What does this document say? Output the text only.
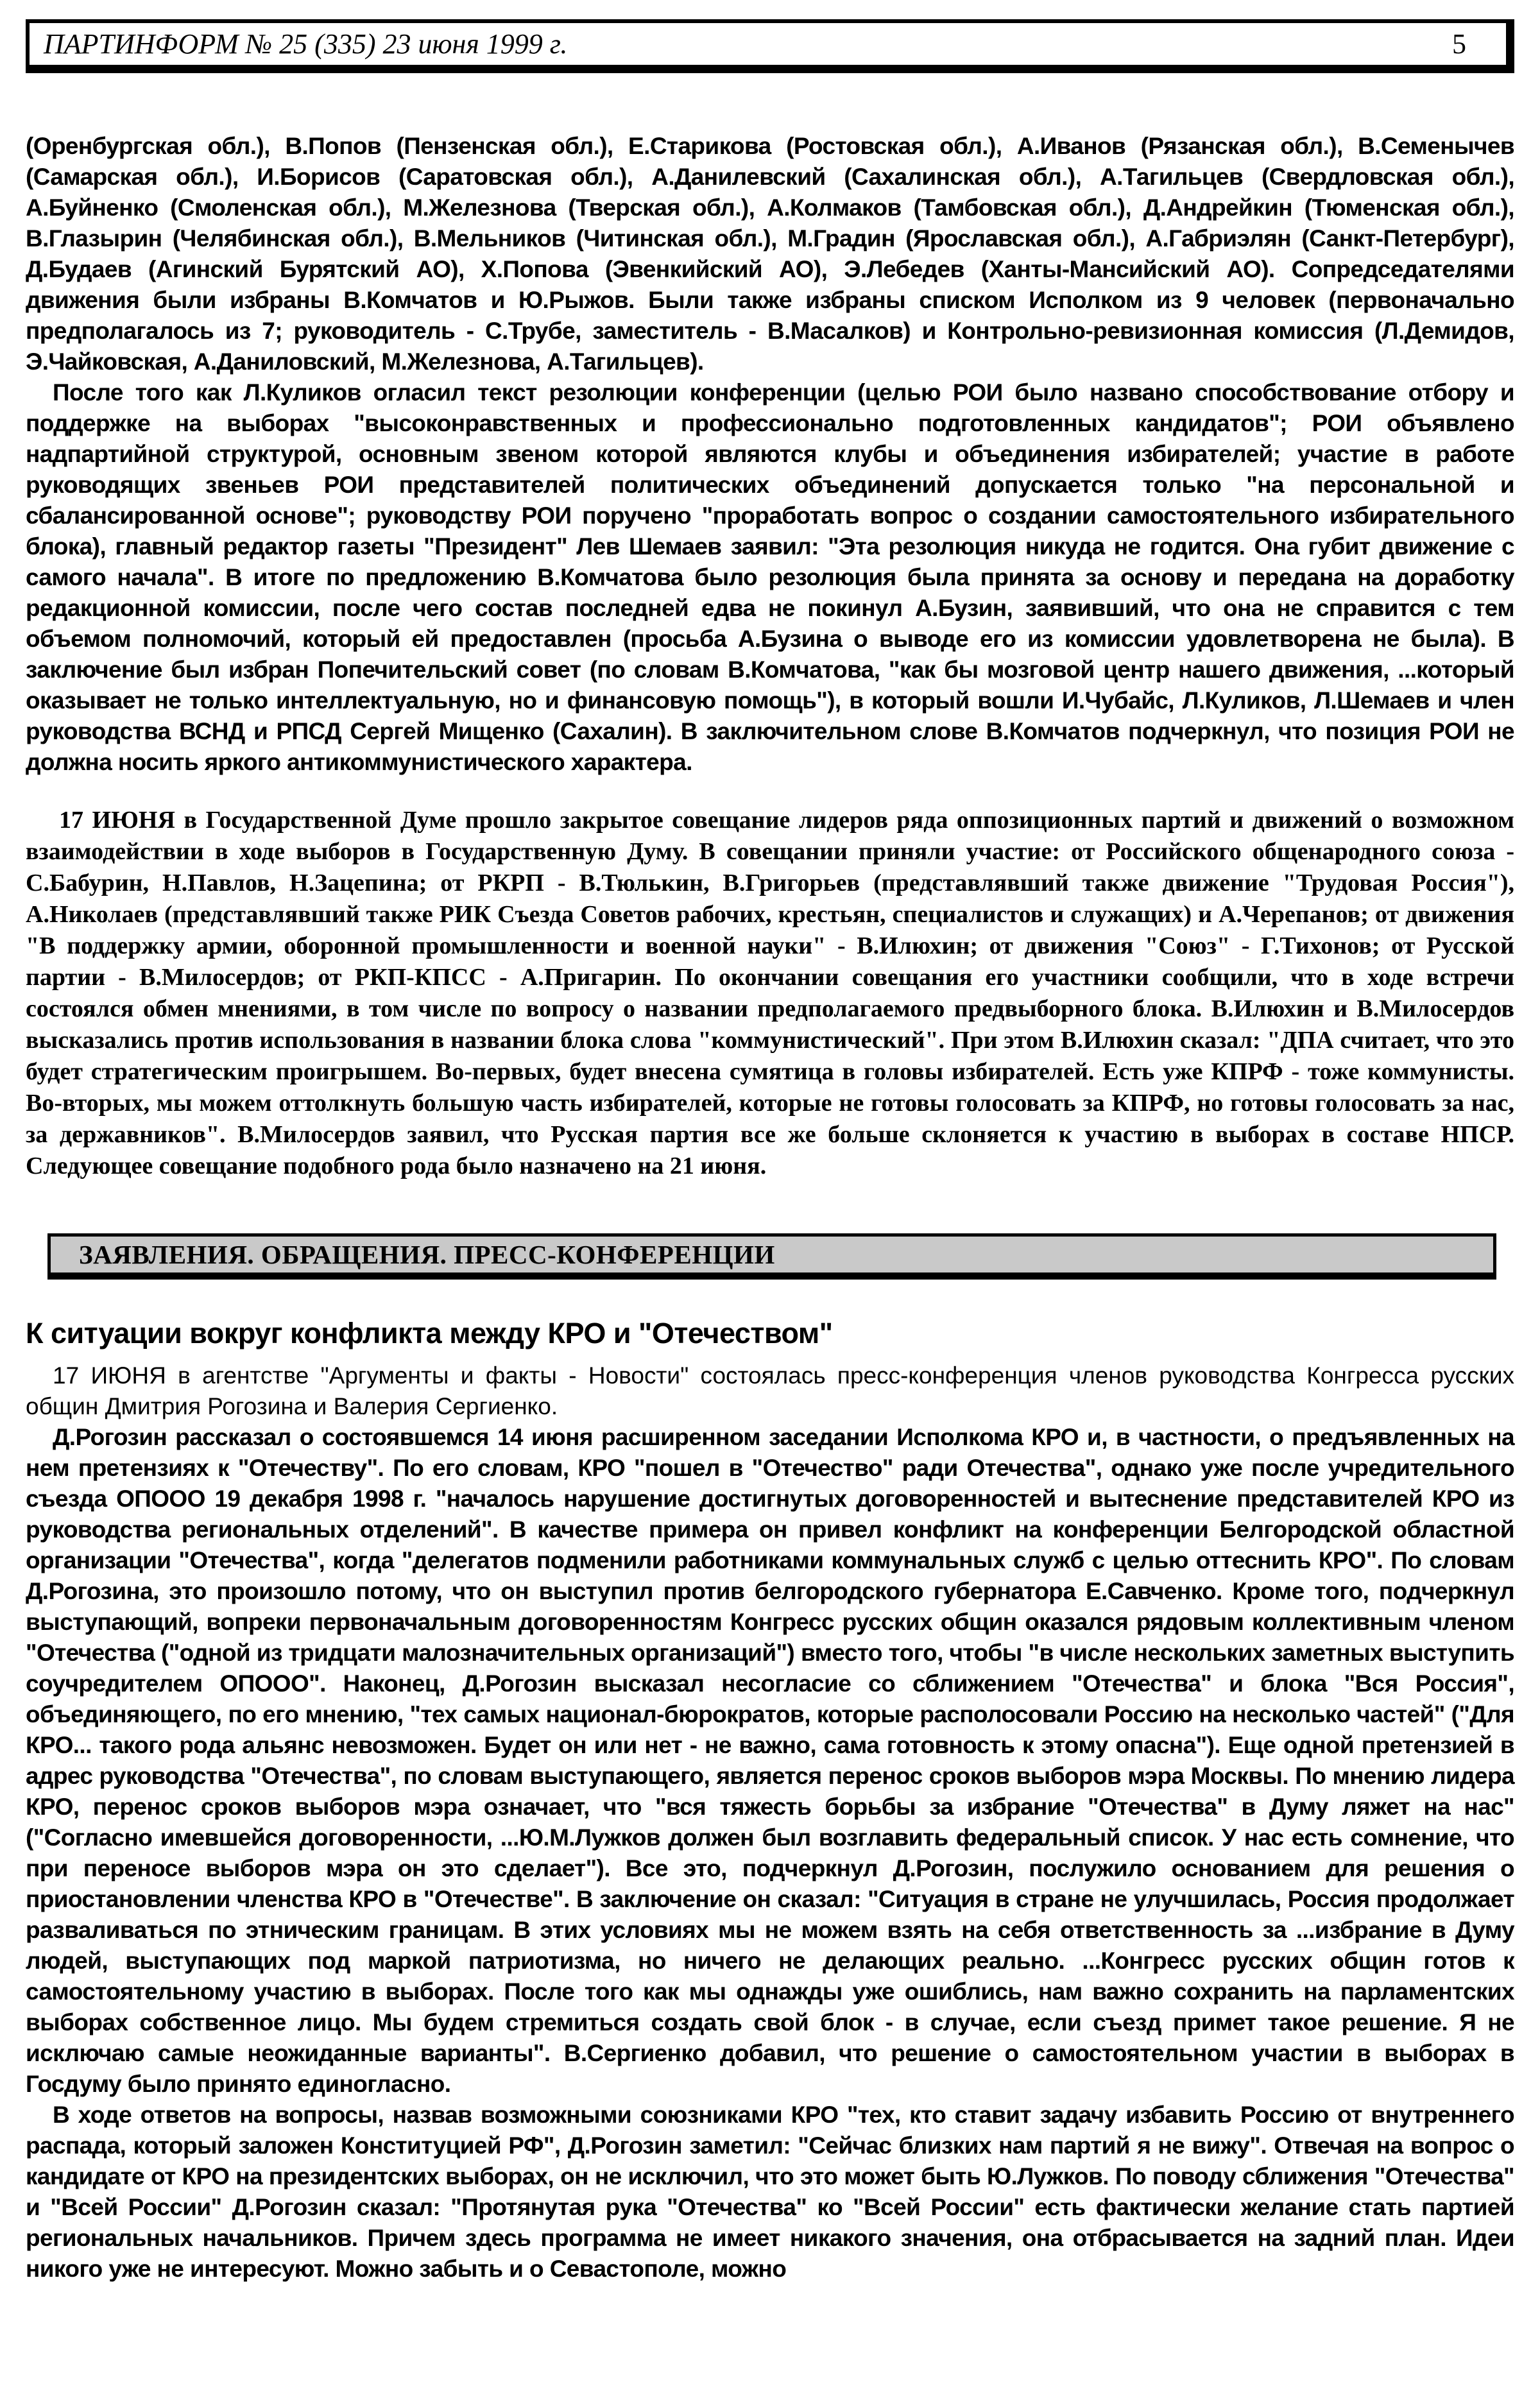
ПАРТИНФОРМ № 25 (335) 23 июня 1999 г.	5

(Оренбургская обл.), В.Попов (Пензенская обл.), Е.Старикова (Ростовская обл.), А.Иванов (Рязанская обл.), В.Семенычев (Самарская обл.), И.Борисов (Саратовская обл.), А.Данилевский (Сахалинская обл.), А.Тагильцев (Свердловская обл.), А.Буйненко (Смоленская обл.), М.Железнова (Тверская обл.), А.Колмаков (Тамбовская обл.), Д.Андрейкин (Тюменская обл.), В.Глазырин (Челябинская обл.), В.Мельников (Читинская обл.), М.Градин (Ярославская обл.), А.Габриэлян (Санкт-Петербург), Д.Будаев (Агинский Бурятский АО), Х.Попова (Эвенкийский АО), Э.Лебедев (Ханты-Мансийский АО). Сопредседателями движения были избраны В.Комчатов и Ю.Рыжов. Были также избраны списком Исполком из 9 человек (первоначально предполагалось из 7; руководитель - С.Трубе, заместитель - В.Масалков) и Контрольно-ревизионная комиссия (Л.Демидов, Э.Чайковская, А.Даниловский, М.Железнова, А.Тагильцев).

После того как Л.Куликов огласил текст резолюции конференции (целью РОИ было названо способствование отбору и поддержке на выборах "высоконравственных и профессионально подготовленных кандидатов"; РОИ объявлено надпартийной структурой, основным звеном которой являются клубы и объединения избирателей; участие в работе руководящих звеньев РОИ представителей политических объединений допускается только "на персональной и сбалансированной основе"; руководству РОИ поручено "проработать вопрос о создании самостоятельного избирательного блока), главный редактор газеты "Президент" Лев Шемаев заявил: "Эта резолюция никуда не годится. Она губит движение с самого начала". В итоге по предложению В.Комчатова было резолюция была принята за основу и передана на доработку редакционной комиссии, после чего состав последней едва не покинул А.Бузин, заявивший, что она не справится с тем объемом полномочий, который ей предоставлен (просьба А.Бузина о выводе его из комиссии удовлетворена не была). В заключение был избран Попечительский совет (по словам В.Комчатова, "как бы мозговой центр нашего движения, ...который оказывает не только интеллектуальную, но и финансовую помощь"), в который вошли И.Чубайс, Л.Куликов, Л.Шемаев и член руководства ВСНД и РПСД Сергей Мищенко (Сахалин). В заключительном слове В.Комчатов подчеркнул, что позиция РОИ не должна носить яркого антикоммунистического характера.

17 ИЮНЯ в Государственной Думе прошло закрытое совещание лидеров ряда оппозиционных партий и движений о возможном взаимодействии в ходе выборов в Государственную Думу. В совещании приняли участие: от Российского общенародного союза - С.Бабурин, Н.Павлов, Н.Зацепина; от РКРП - В.Тюлькин, В.Григорьев (представлявший также движение "Трудовая Россия"), А.Николаев (представлявший также РИК Съезда Советов рабочих, крестьян, специалистов и служащих) и А.Черепанов; от движения "В поддержку армии, оборонной промышленности и военной науки" - В.Илюхин; от движения "Союз" - Г.Тихонов; от Русской партии - В.Милосердов; от РКП-КПСС - А.Пригарин. По окончании совещания его участники сообщили, что в ходе встречи состоялся обмен мнениями, в том числе по вопросу о названии предполагаемого предвыборного блока. В.Илюхин и В.Милосердов высказались против использования в названии блока слова "коммунистический". При этом В.Илюхин сказал: "ДПА считает, что это будет стратегическим проигрышем. Во-первых, будет внесена сумятица в головы избирателей. Есть уже КПРФ - тоже коммунисты. Во-вторых, мы можем оттолкнуть большую часть избирателей, которые не готовы голосовать за КПРФ, но готовы голосовать за нас, за державников". В.Милосердов заявил, что Русская партия все же больше склоняется к участию в выборах в составе НПСР. Следующее совещание подобного рода было назначено на 21 июня.

ЗАЯВЛЕНИЯ. ОБРАЩЕНИЯ. ПРЕСС-КОНФЕРЕНЦИИ
К ситуации вокруг конфликта между КРО и "Отечеством"

17 ИЮНЯ в агентстве "Аргументы и факты - Новости" состоялась пресс-конференция членов руководства Конгресса русских общин Дмитрия Рогозина и Валерия Сергиенко.

Д.Рогозин рассказал о состоявшемся 14 июня расширенном заседании Исполкома КРО и, в частности, о предъявленных на нем претензиях к "Отечеству". По его словам, КРО "пошел в "Отечество" ради Отечества", однако уже после учредительного съезда ОПООО 19 декабря 1998 г. "началось нарушение достигнутых договоренностей и вытеснение представителей КРО из руководства региональных отделений". В качестве примера он привел конфликт на конференции Белгородской областной организации "Отечества", когда "делегатов подменили работниками коммунальных служб с целью оттеснить КРО". По словам Д.Рогозина, это произошло потому, что он выступил против белгородского губернатора Е.Савченко. Кроме того, подчеркнул выступающий, вопреки первоначальным договоренностям Конгресс русских общин оказался рядовым коллективным членом "Отечества ("одной из тридцати малозначительных организаций") вместо того, чтобы "в числе нескольких заметных выступить соучредителем ОПООО". Наконец, Д.Рогозин высказал несогласие со сближением "Отечества" и блока "Вся Россия", объединяющего, по его мнению, "тех самых национал-бюрократов, которые располосовали Россию на несколько частей" ("Для КРО... такого рода альянс невозможен. Будет он или нет - не важно, сама готовность к этому опасна"). Еще одной претензией в адрес руководства "Отечества", по словам выступающего, является перенос сроков выборов мэра Москвы. По мнению лидера КРО, перенос сроков выборов мэра означает, что "вся тяжесть борьбы за избрание "Отечества" в Думу ляжет на нас" ("Согласно имевшейся договоренности, ...Ю.М.Лужков должен был возглавить федеральный список. У нас есть сомнение, что при переносе выборов мэра он это сделает"). Все это, подчеркнул Д.Рогозин, послужило основанием для решения о приостановлении членства КРО в "Отечестве". В заключение он сказал: "Ситуация в стране не улучшилась, Россия продолжает разваливаться по этническим границам. В этих условиях мы не можем взять на себя ответственность за ...избрание в Думу людей, выступающих под маркой патриотизма, но ничего не делающих реально. ...Конгресс русских общин готов к самостоятельному участию в выборах. После того как мы однажды уже ошиблись, нам важно сохранить на парламентских выборах собственное лицо. Мы будем стремиться создать свой блок - в случае, если съезд примет такое решение. Я не исключаю самые неожиданные варианты". В.Сергиенко добавил, что решение о самостоятельном участии в выборах в Госдуму было принято единогласно.

В ходе ответов на вопросы, назвав возможными союзниками КРО "тех, кто ставит задачу избавить Россию от внутреннего распада, который заложен Конституцией РФ", Д.Рогозин заметил: "Сейчас близких нам партий я не вижу". Отвечая на вопрос о кандидате от КРО на президентских выборах, он не исключил, что это может быть Ю.Лужков. По поводу сближения "Отечества" и "Всей России" Д.Рогозин сказал: "Протянутая рука "Отечества" ко "Всей России" есть фактически желание стать партией региональных начальников. Причем здесь программа не имеет никакого значения, она отбрасывается на задний план. Идеи никого уже не интересуют. Можно забыть и о Севастополе, можно
